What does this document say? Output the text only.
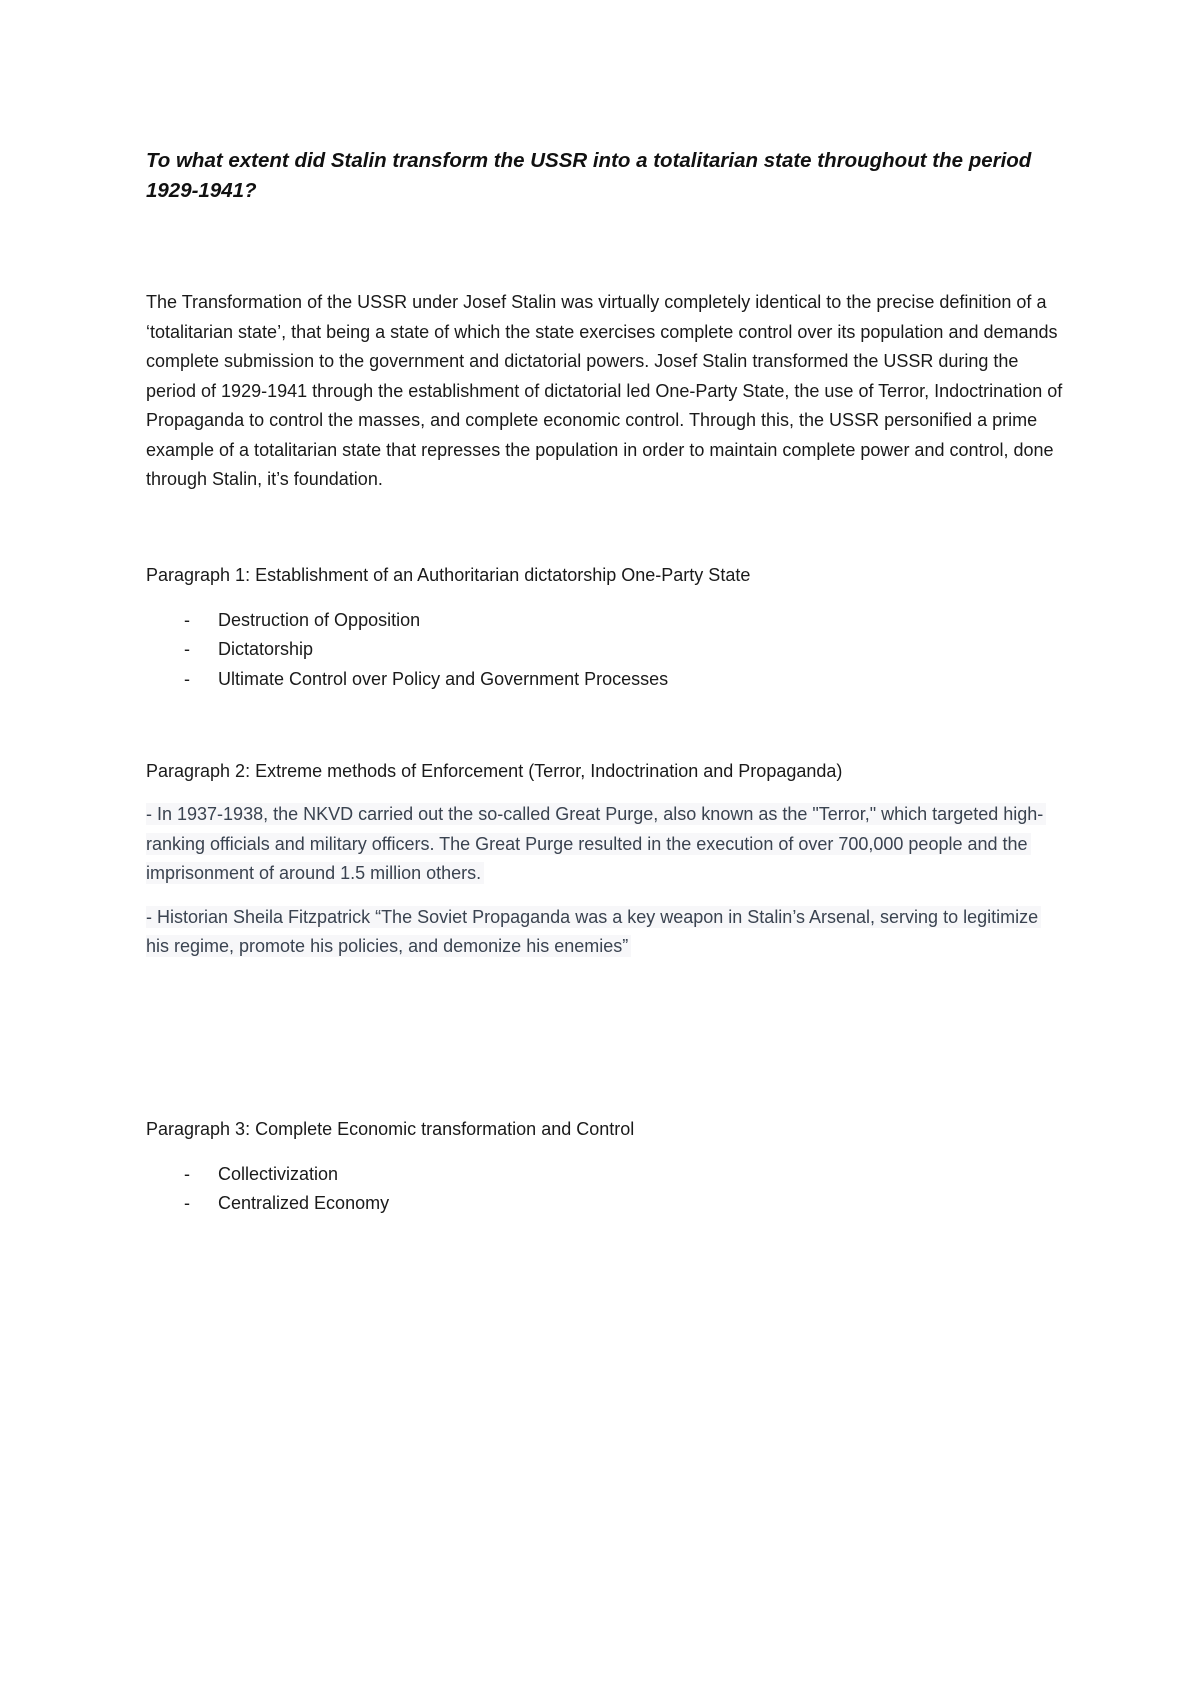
To what extent did Stalin transform the USSR into a totalitarian state throughout the period 1929-1941?

The Transformation of the USSR under Josef Stalin was virtually completely identical to the precise definition of a ‘totalitarian state’, that being a state of which the state exercises complete control over its population and demands complete submission to the government and dictatorial powers. Josef Stalin transformed the USSR during the period of 1929-1941 through the establishment of dictatorial led One-Party State, the use of Terror, Indoctrination of Propaganda to control the masses, and complete economic control. Through this, the USSR personified a prime example of a totalitarian state that represses the population in order to maintain complete power and control, done through Stalin, it’s foundation.

Paragraph 1: Establishment of an Authoritarian dictatorship One-Party State

- Destruction of Opposition
- Dictatorship
- Ultimate Control over Policy and Government Processes

Paragraph 2: Extreme methods of Enforcement (Terror, Indoctrination and Propaganda)

- In 1937-1938, the NKVD carried out the so-called Great Purge, also known as the "Terror," which targeted high-ranking officials and military officers. The Great Purge resulted in the execution of over 700,000 people and the imprisonment of around 1.5 million others.

- Historian Sheila Fitzpatrick “The Soviet Propaganda was a key weapon in Stalin’s Arsenal, serving to legitimize his regime, promote his policies, and demonize his enemies”

Paragraph 3: Complete Economic transformation and Control

- Collectivization
- Centralized Economy
